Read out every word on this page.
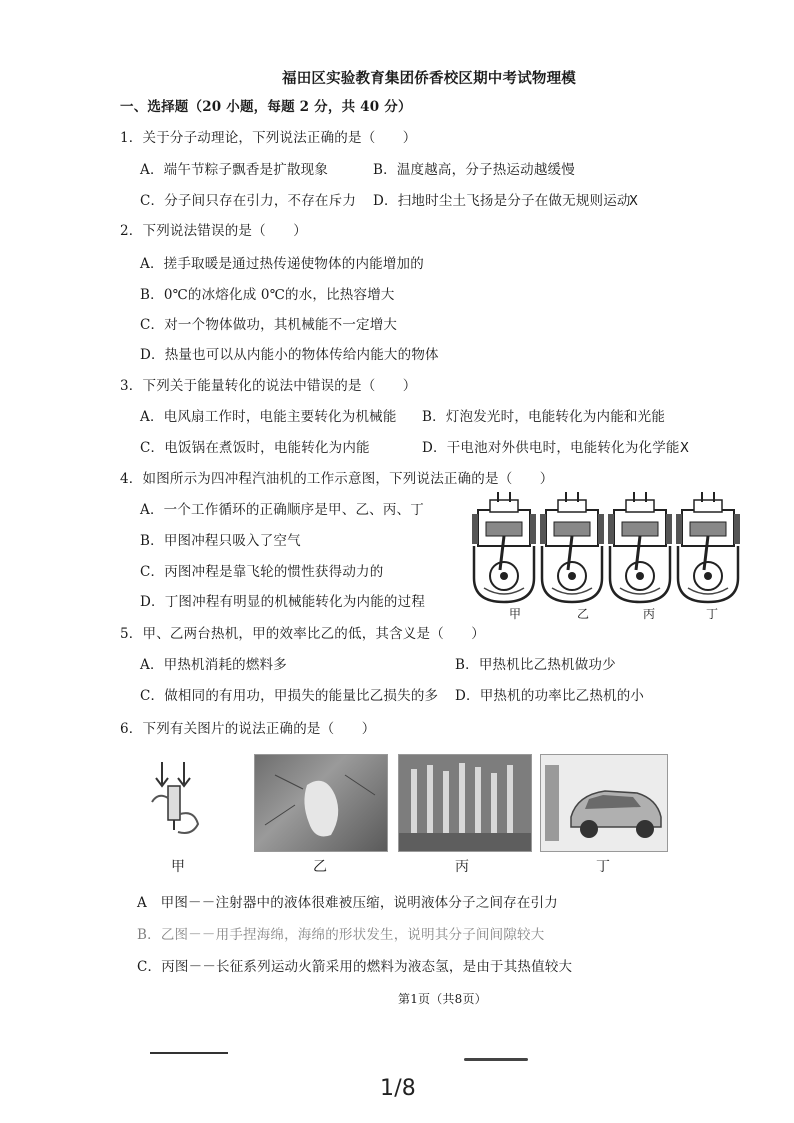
福田区实验教育集团侨香校区期中考试物理模
一、选择题（20 小题，每题 2 分，共 40 分）
1．关于分子动理论，下列说法正确的是（　　）
A．端午节粽子飘香是扩散现象	B．温度越高，分子热运动越缓慢
C．分子间只存在引力，不存在斥力 D．扫地时尘土飞扬是分子在做无规则运动
X
2．下列说法错误的是（　　）
A．搓手取暖是通过热传递使物体的内能增加的
B．0℃的冰熔化成 0℃的水，比热容增大
C．对一个物体做功，其机械能不一定增大
D．热量也可以从内能小的物体传给内能大的物体
3．下列关于能量转化的说法中错误的是（　　）
A．电风扇工作时，电能主要转化为机械能 B．灯泡发光时，电能转化为内能和光能
C．电饭锅在煮饭时，电能转化为内能	D．干电池对外供电时，电能转化为化学能 X
4．如图所示为四冲程汽油机的工作示意图，下列说法正确的是（　　）
A．一个工作循环的正确顺序是甲、乙、丙、丁
B．甲图冲程只吸入了空气
C．丙图冲程是靠飞轮的惯性获得动力的
D．丁图冲程有明显的机械能转化为内能的过程
甲	乙	丙	丁
5．甲、乙两台热机，甲的效率比乙的低，其含义是（　　）
A．甲热机消耗的燃料多	B．甲热机比乙热机做功少
C．做相同的有用功，甲损失的能量比乙损失的多 D．甲热机的功率比乙热机的小
6．下列有关图片的说法正确的是（　　）
甲	乙	丙	丁
A　甲图－－注射器中的液体很难被压缩，说明液体分子之间存在引力
B．乙图－－用手捏海绵，海绵的形状发生，说明其分子间间隙较大
C．丙图－－长征系列运动火箭采用的燃料为液态氢，是由于其热值较大
第1页（共8页）
1/8
